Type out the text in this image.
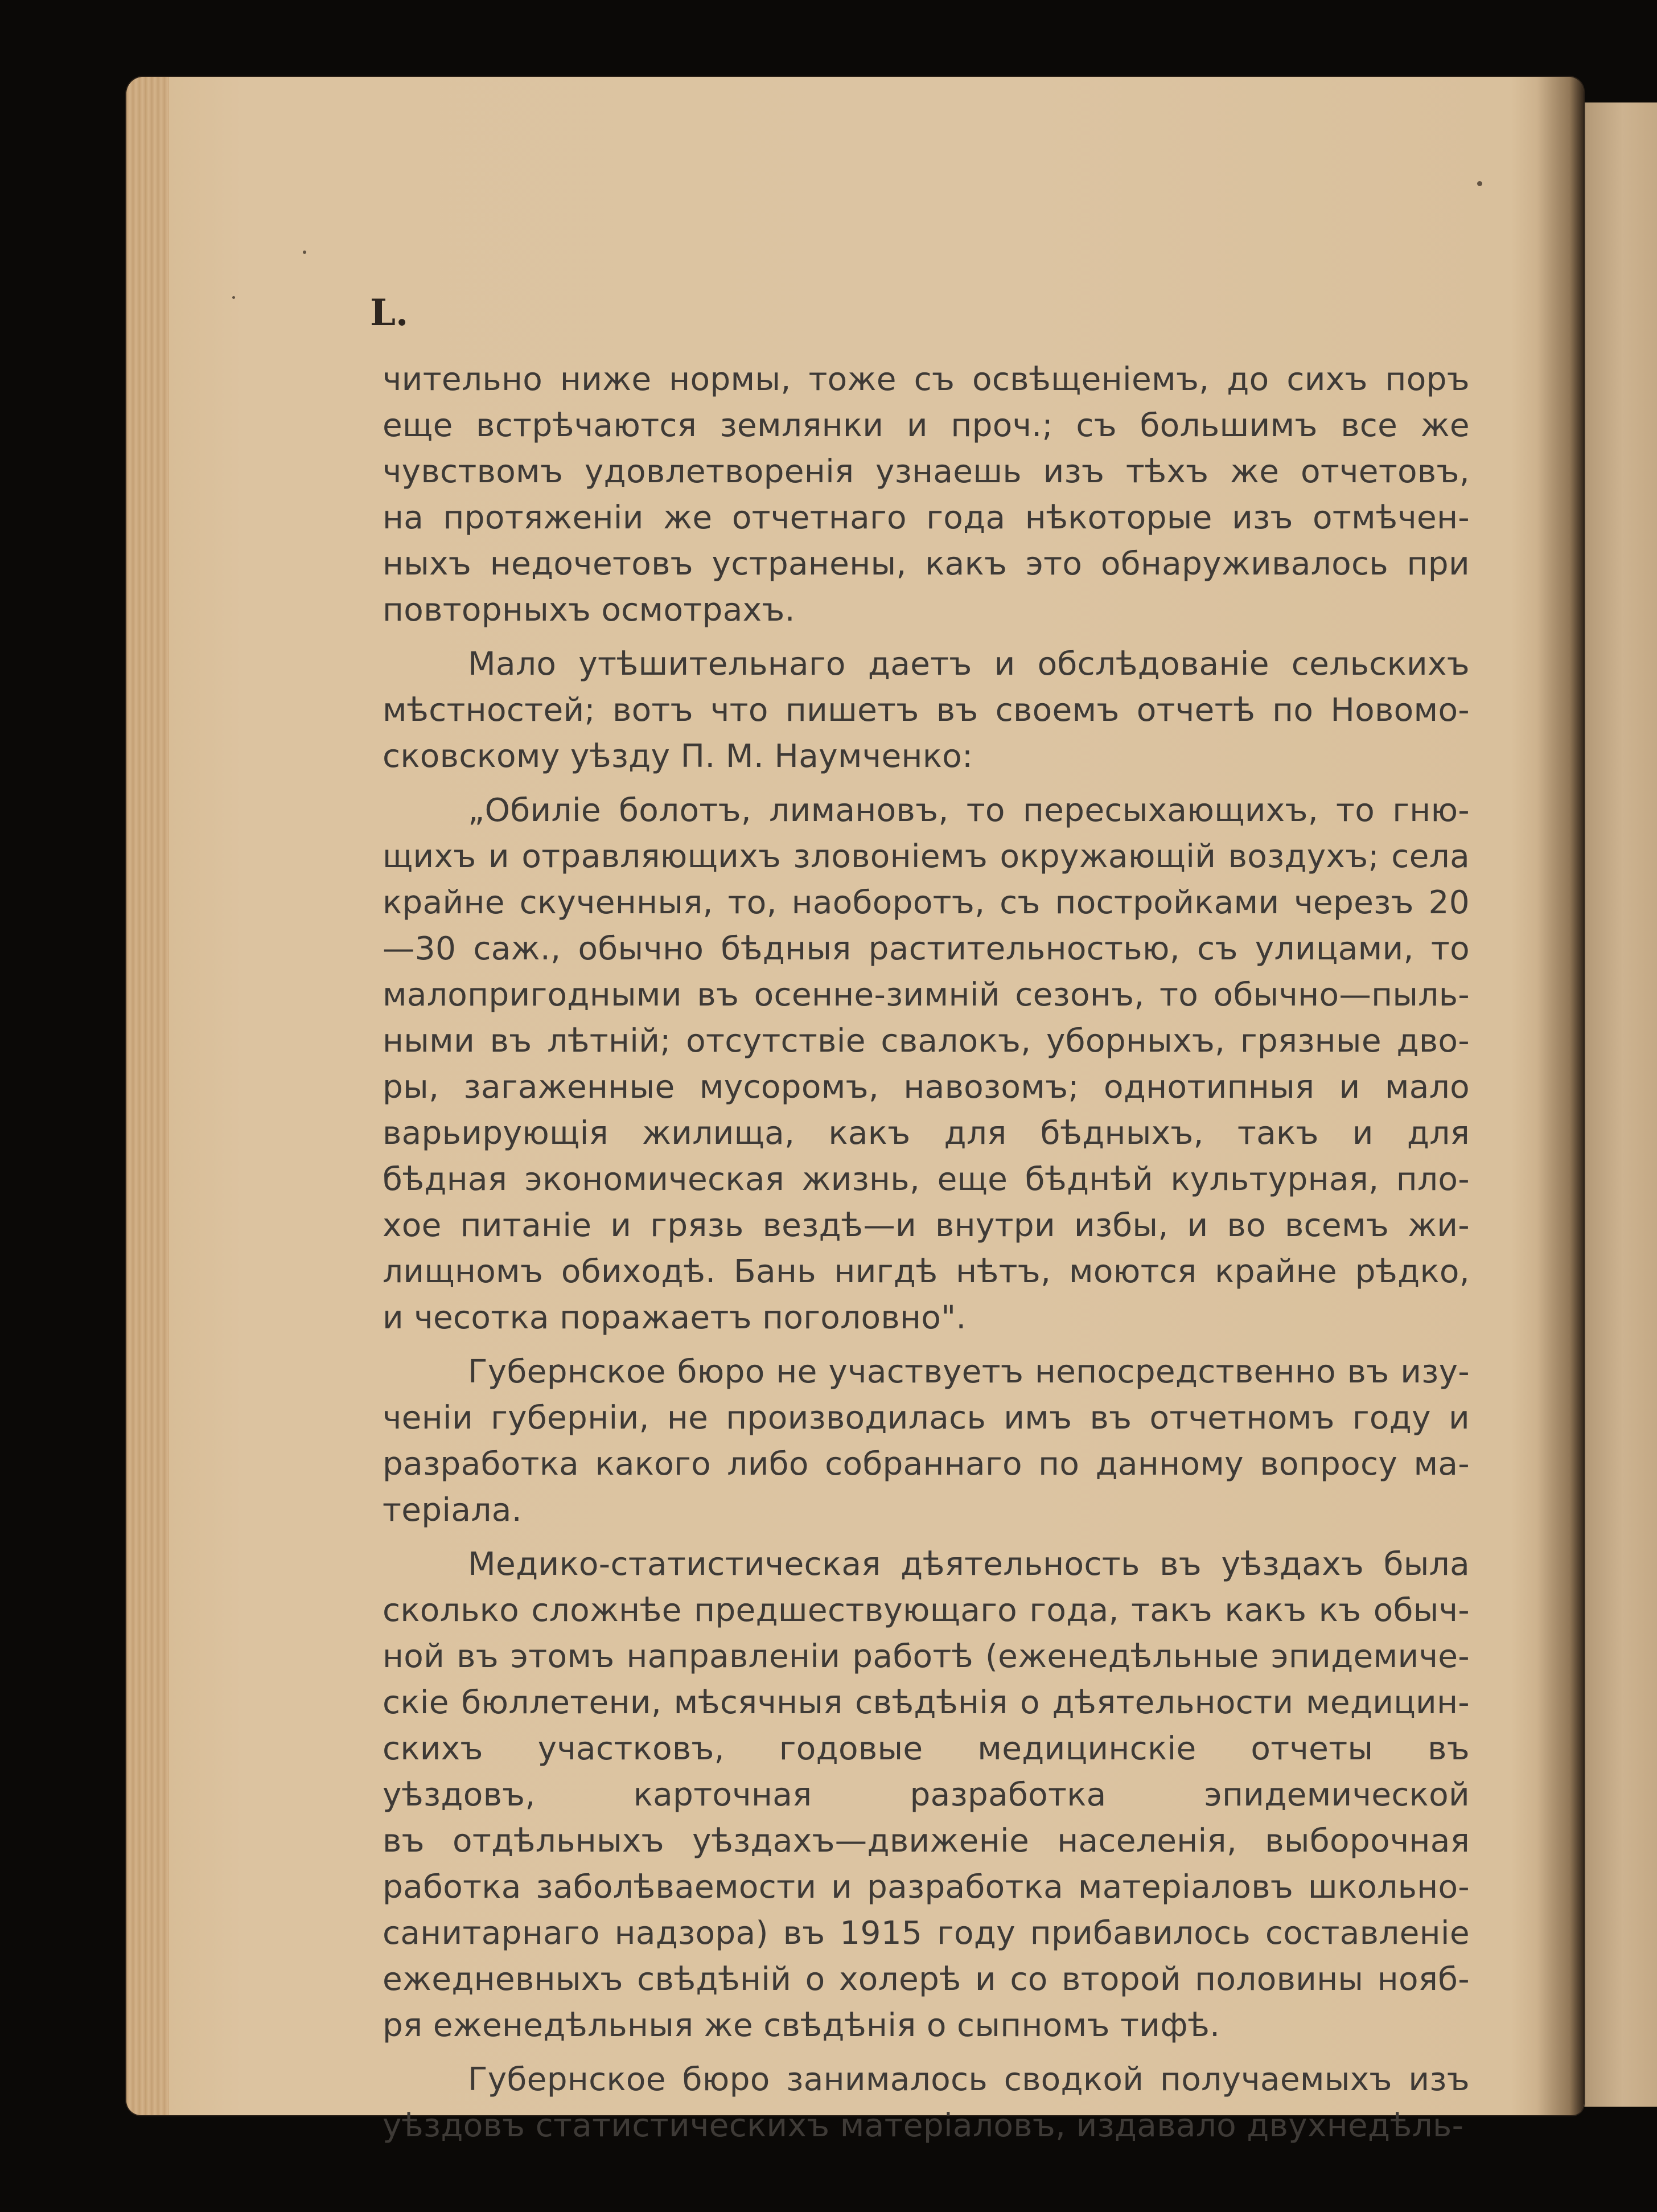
L.
чительно ниже нормы, тоже съ освѣщеніемъ, до сихъ поръ
еще встрѣчаются землянки и проч.; съ большимъ все же
чувствомъ удовлетворенія узнаешь изъ тѣхъ же отчетовъ,
на протяженіи же отчетнаго года нѣкоторые изъ отмѣчен-
ныхъ недочетовъ устранены, какъ это обнаруживалось при
повторныхъ осмотрахъ.
Мало утѣшительнаго даетъ и обслѣдованіе сельскихъ
мѣстностей; вотъ что пишетъ въ своемъ отчетѣ по Новомо-
сковскому уѣзду П. М. Наумченко:
„Обиліе болотъ, лимановъ, то пересыхающихъ, то гню-
щихъ и отравляющихъ зловоніемъ окружающій воздухъ; села
крайне скученныя, то, наоборотъ, съ постройками черезъ 20
—30 саж., обычно бѣдныя растительностью, съ улицами, то
малопригодными въ осенне-зимній сезонъ, то обычно—пыль-
ными въ лѣтній; отсутствіе свалокъ, уборныхъ, грязные дво-
ры, загаженные мусоромъ, навозомъ; однотипныя и мало
варьирующія жилища, какъ для бѣдныхъ, такъ и для
бѣдная экономическая жизнь, еще бѣднѣй культурная, пло-
хое питаніе и грязь вездѣ—и внутри избы, и во всемъ жи-
лищномъ обиходѣ. Бань нигдѣ нѣтъ, моются крайне рѣдко,
и чесотка поражаетъ поголовно".
Губернское бюро не участвуетъ непосредственно въ изу-
ченіи губерніи, не производилась имъ въ отчетномъ году и
разработка какого либо собраннаго по данному вопросу ма-
теріала.
Медико-статистическая дѣятельность въ уѣздахъ была
сколько сложнѣе предшествующаго года, такъ какъ къ обыч-
ной въ этомъ направленіи работѣ (еженедѣльные эпидемиче-
скіе бюллетени, мѣсячныя свѣдѣнія о дѣятельности медицин-
скихъ участковъ, годовые медицинскіе отчеты въ
уѣздовъ, карточная разработка эпидемической
въ отдѣльныхъ уѣздахъ—движеніе населенія, выборочная
работка заболѣваемости и разработка матеріаловъ школьно-
санитарнаго надзора) въ 1915 году прибавилось составленіе
ежедневныхъ свѣдѣній о холерѣ и со второй половины нояб-
ря еженедѣльныя же свѣдѣнія о сыпномъ тифѣ.
Губернское бюро занималось сводкой получаемыхъ изъ
уѣздовъ статистическихъ матеріаловъ, издавало двухнедѣль-
